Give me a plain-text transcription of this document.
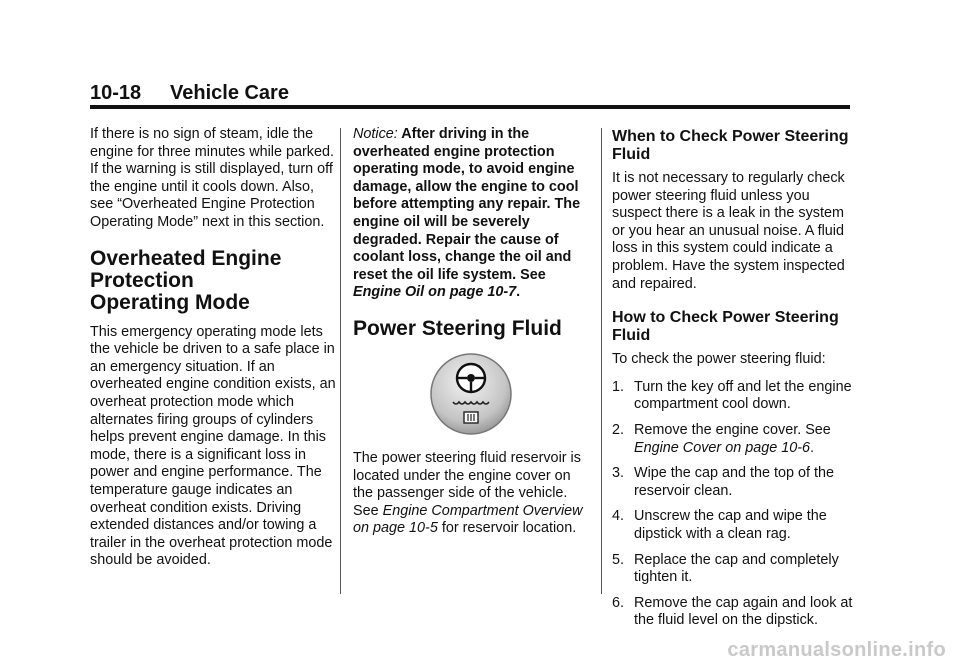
10-18 Vehicle Care

If there is no sign of steam, idle the engine for three minutes while parked. If the warning is still displayed, turn off the engine until it cools down. Also, see “Overheated Engine Protection Operating Mode” next in this section.

Overheated Engine
Protection
Operating Mode

This emergency operating mode lets the vehicle be driven to a safe place in an emergency situation. If an overheated engine condition exists, an overheat protection mode which alternates firing groups of cylinders helps prevent engine damage. In this mode, there is a significant loss in power and engine performance. The temperature gauge indicates an overheat condition exists. Driving extended distances and/or towing a trailer in the overheat protection mode should be avoided.

Notice: After driving in the overheated engine protection operating mode, to avoid engine damage, allow the engine to cool before attempting any repair. The engine oil will be severely degraded. Repair the cause of coolant loss, change the oil and reset the oil life system. See Engine Oil on page 10-7.

Power Steering Fluid

The power steering fluid reservoir is located under the engine cover on the passenger side of the vehicle. See Engine Compartment Overview on page 10-5 for reservoir location.

When to Check Power Steering Fluid

It is not necessary to regularly check power steering fluid unless you suspect there is a leak in the system or you hear an unusual noise. A fluid loss in this system could indicate a problem. Have the system inspected and repaired.

How to Check Power Steering Fluid

To check the power steering fluid:

1. Turn the key off and let the engine compartment cool down.
2. Remove the engine cover. See Engine Cover on page 10-6.
3. Wipe the cap and the top of the reservoir clean.
4. Unscrew the cap and wipe the dipstick with a clean rag.
5. Replace the cap and completely tighten it.
6. Remove the cap again and look at the fluid level on the dipstick.
carmanualsonline.info
